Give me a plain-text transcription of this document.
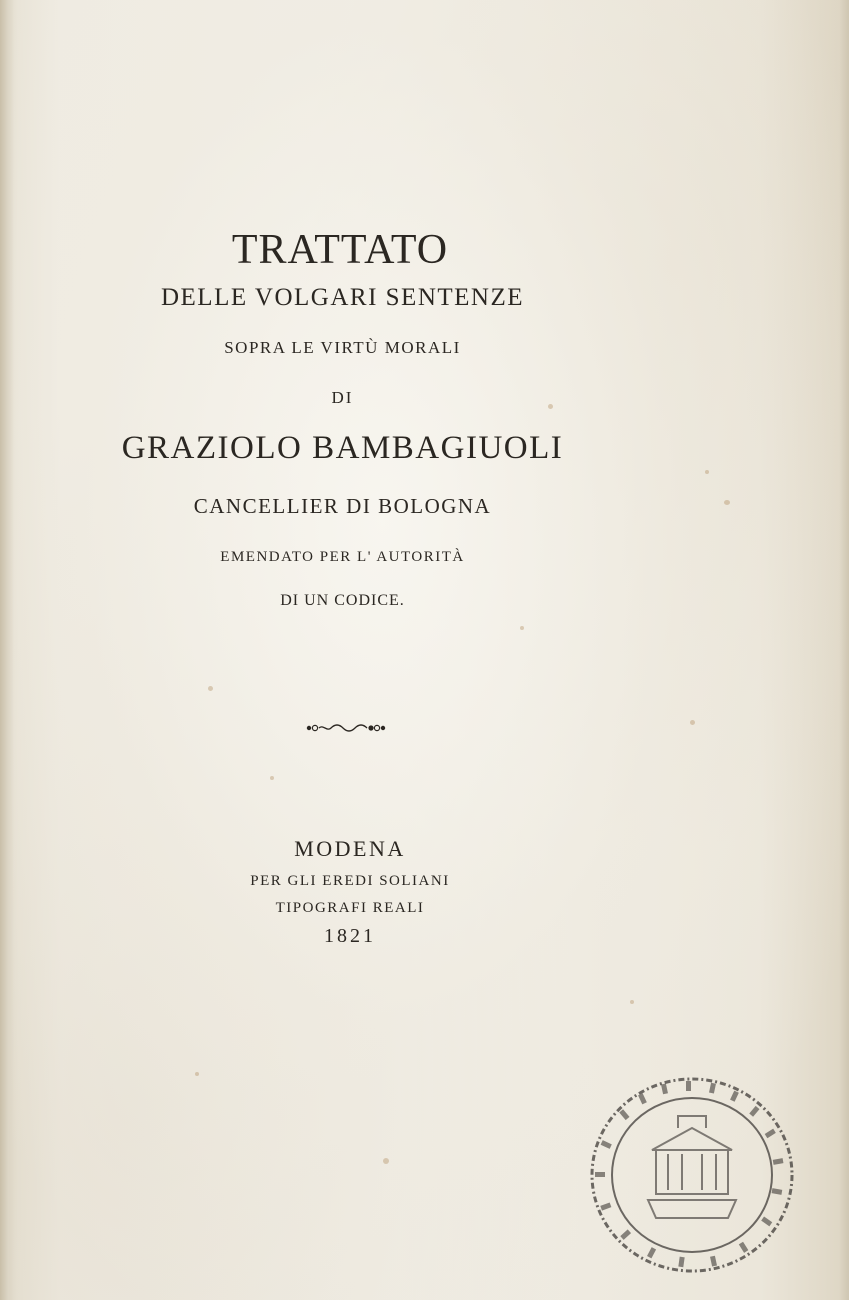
TRATTATO
DELLE VOLGARI SENTENZE
SOPRA LE VIRTÙ MORALI
DI
GRAZIOLO BAMBAGIUOLI
CANCELLIER DI BOLOGNA
EMENDATO PER L' AUTORITÀ
DI UN CODICE.
MODENA
PER GLI EREDI SOLIANI
TIPOGRAFI REALI
1821
